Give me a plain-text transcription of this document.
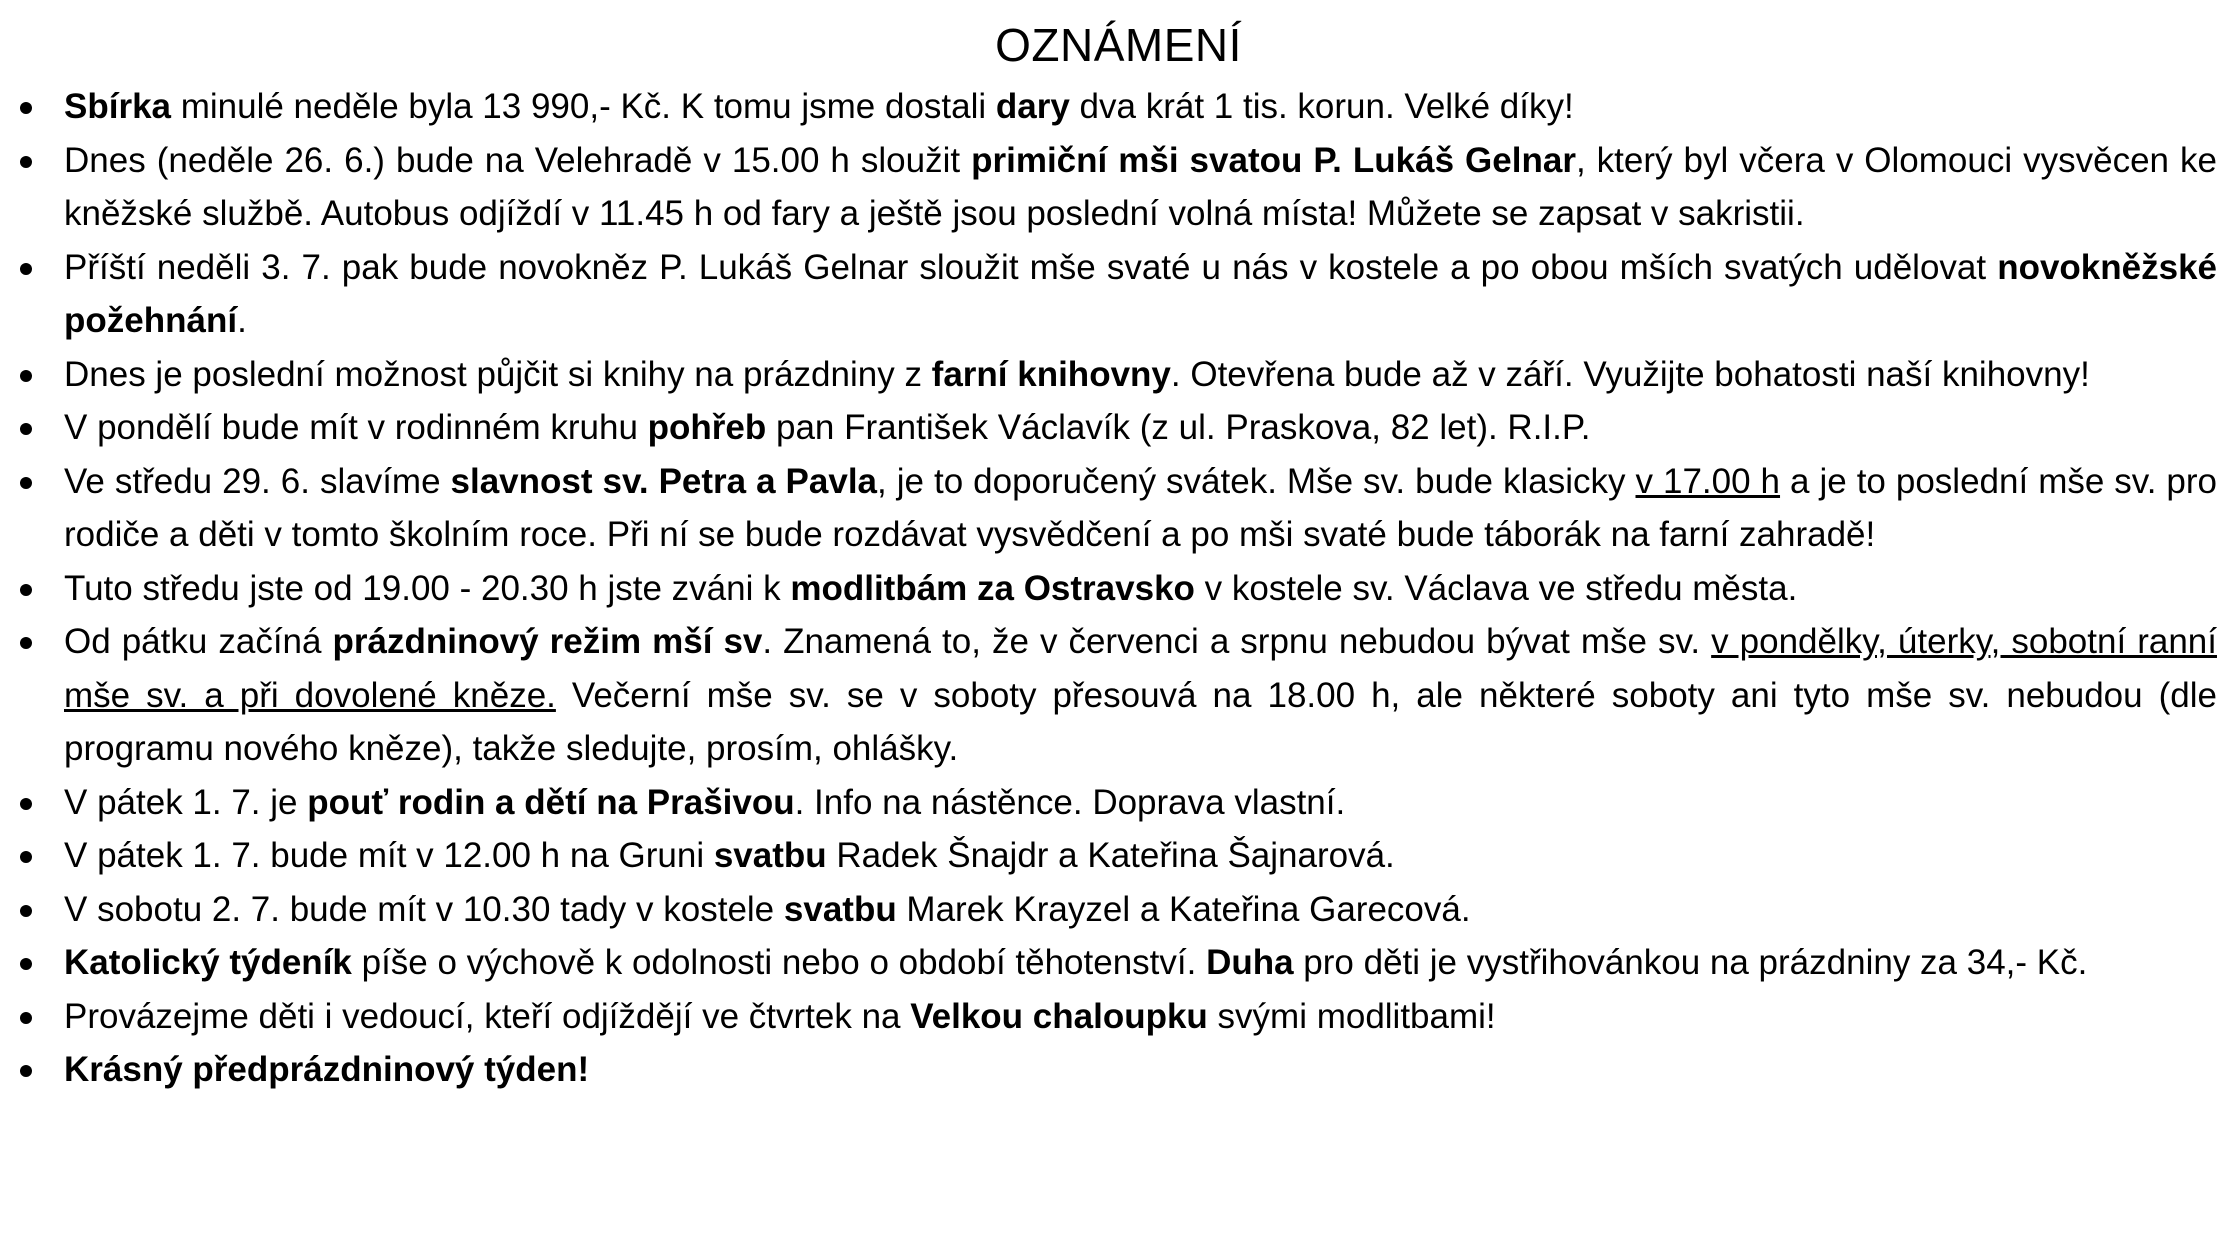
OZNÁMENÍ
Sbírka minulé neděle byla 13 990,- Kč. K tomu jsme dostali dary dva krát 1 tis. korun. Velké díky!
Dnes (neděle 26. 6.) bude na Velehradě v 15.00 h sloužit primiční mši svatou P. Lukáš Gelnar, který byl včera v Olomouci vysvěcen ke kněžské službě. Autobus odjíždí v 11.45 h od fary a ještě jsou poslední volná místa! Můžete se zapsat v sakristii.
Příští neděli 3. 7. pak bude novokněz P. Lukáš Gelnar sloužit mše svaté u nás v kostele a po obou mších svatých udělovat novokněžské požehnání.
Dnes je poslední možnost půjčit si knihy na prázdniny z farní knihovny. Otevřena bude až v září. Využijte bohatosti naší knihovny!
V pondělí bude mít v rodinném kruhu pohřeb pan František Václavík (z ul. Praskova, 82 let). R.I.P.
Ve středu 29. 6. slavíme slavnost sv. Petra a Pavla, je to doporučený svátek. Mše sv. bude klasicky v 17.00 h a je to poslední mše sv. pro rodiče a děti v tomto školním roce. Při ní se bude rozdávat vysvědčení a po mši svaté bude táborák na farní zahradě!
Tuto středu jste od 19.00 - 20.30 h jste zváni k modlitbám za Ostravsko v kostele sv. Václava ve středu města.
Od pátku začíná prázdninový režim mší sv. Znamená to, že v červenci a srpnu nebudou bývat mše sv. v pondělky, úterky, sobotní ranní mše sv. a při dovolené kněze. Večerní mše sv. se v soboty přesouvá na 18.00 h, ale některé soboty ani tyto mše sv. nebudou (dle programu nového kněze), takže sledujte, prosím, ohlášky.
V pátek 1. 7. je pouť rodin a dětí na Prašivou. Info na nástěnce. Doprava vlastní.
V pátek 1. 7. bude mít v 12.00 h na Gruni svatbu Radek Šnajdr a Kateřina Šajnarová.
V sobotu 2. 7. bude mít v 10.30 tady v kostele svatbu Marek Krayzel a Kateřina Garecová.
Katolický týdeník píše o výchově k odolnosti nebo o období těhotenství. Duha pro děti je vystřihovánkou na prázdniny za 34,- Kč.
Provázejme děti i vedoucí, kteří odjíždějí ve čtvrtek na Velkou chaloupku svými modlitbami!
Krásný předprázdninový týden!
